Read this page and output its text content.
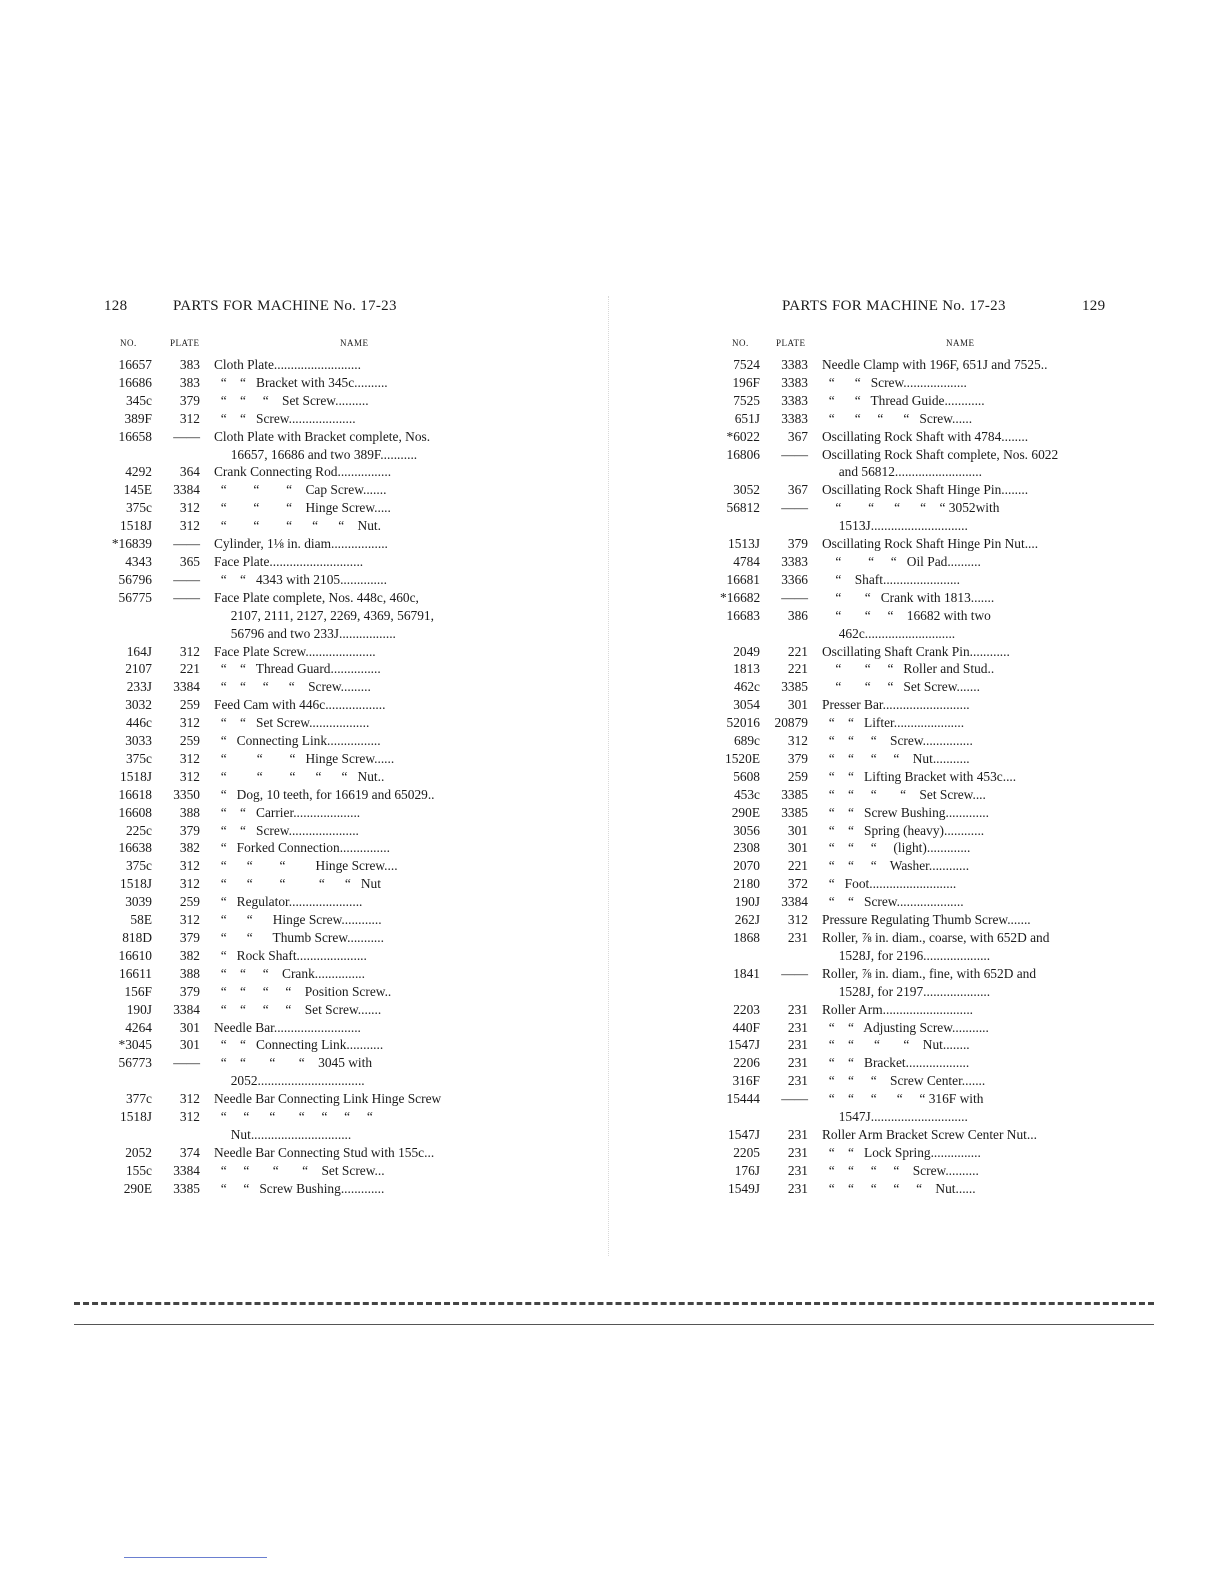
128	PARTS FOR MACHINE No. 17-23
NO.	PLATE	NAME
16657	383 Cloth Plate..........................
16686	383 “    “   Bracket with 345c..........
345c	379 “    “     “    Set Screw..........
389F	312 “    “   Screw....................
16658	—— Cloth Plate with Bracket complete, Nos.
16657, 16686 and two 389F...........
4292	364 Crank Connecting Rod................
145E	3384 “        “        “    Cap Screw.......
375c	312 “        “        “    Hinge Screw.....
1518J	312 “        “        “      “      “    Nut.
*16839	—— Cylinder, 1⅛ in. diam.................
4343	365 Face Plate............................
56796	—— “    “   4343 with 2105..............
56775	—— Face Plate complete, Nos. 448c, 460c,
2107, 2111, 2127, 2269, 4369, 56791,
56796 and two 233J.................
164J	312 Face Plate Screw.....................
2107	221 “    “   Thread Guard...............
233J	3384 “    “     “      “    Screw.........
3032	259 Feed Cam with 446c..................
446c	312 “    “   Set Screw..................
3033	259 “   Connecting Link................
375c	312 “         “        “   Hinge Screw......
1518J	312 “         “        “      “      “   Nut..
16618	3350 “   Dog, 10 teeth, for 16619 and 65029..
16608	388 “    “   Carrier....................
225c	379 “    “   Screw.....................
16638	382 “   Forked Connection...............
375c	312 “      “        “         Hinge Screw....
1518J	312 “      “        “          “      “   Nut
3039	259 “   Regulator......................
58E	312 “      “      Hinge Screw............
818D	379 “      “      Thumb Screw...........
16610	382 “   Rock Shaft.....................
16611	388 “    “     “    Crank...............
156F	379 “    “     “     “    Position Screw..
190J	3384 “    “     “     “    Set Screw.......
4264	301 Needle Bar..........................
*3045	301 “    “   Connecting Link...........
56773	—— “    “       “       “    3045 with
2052................................
377c	312 Needle Bar Connecting Link Hinge Screw
1518J	312 “     “      “       “     “     “     “
Nut..............................
2052	374 Needle Bar Connecting Stud with 155c...
155c	3384 “     “       “       “    Set Screw...
290E	3385 “     “   Screw Bushing.............
PARTS FOR MACHINE No. 17-23	129
NO.	PLATE	NAME
7524	3383 Needle Clamp with 196F, 651J and 7525..
196F	3383 “      “   Screw...................
7525	3383 “      “   Thread Guide............
651J	3383 “      “     “      “   Screw......
*6022	367 Oscillating Rock Shaft with 4784........
16806	—— Oscillating Rock Shaft complete, Nos. 6022
and 56812..........................
3052	367 Oscillating Rock Shaft Hinge Pin........
56812	—— “        “      “      “    “ 3052with
1513J.............................
1513J	379 Oscillating Rock Shaft Hinge Pin Nut....
4784	3383 “        “     “   Oil Pad..........
16681	3366 “    Shaft.......................
*16682	—— “       “   Crank with 1813.......
16683	386 “       “     “    16682 with two
462c...........................
2049	221 Oscillating Shaft Crank Pin............
1813	221 “       “     “   Roller and Stud..
462c	3385 “       “     “   Set Screw.......
3054	301 Presser Bar..........................
52016	20879 “    “   Lifter.....................
689c	312 “    “     “    Screw...............
1520E	379 “    “     “     “    Nut...........
5608	259 “    “   Lifting Bracket with 453c....
453c	3385 “    “     “       “    Set Screw....
290E	3385 “    “   Screw Bushing.............
3056	301 “    “   Spring (heavy)............
2308	301 “    “     “     (light).............
2070	221 “    “     “    Washer............
2180	372 “   Foot..........................
190J	3384 “    “   Screw....................
262J	312 Pressure Regulating Thumb Screw.......
1868	231 Roller, ⅞ in. diam., coarse, with 652D and
1528J, for 2196....................
1841	—— Roller, ⅞ in. diam., fine, with 652D and
1528J, for 2197....................
2203	231 Roller Arm...........................
440F	231 “    “   Adjusting Screw...........
1547J	231 “    “      “       “    Nut........
2206	231 “    “   Bracket...................
316F	231 “    “     “    Screw Center.......
15444	—— “    “     “      “     “ 316F with
1547J.............................
1547J	231 Roller Arm Bracket Screw Center Nut...
2205	231 “    “   Lock Spring...............
176J	231 “    “     “     “    Screw..........
1549J	231 “    “     “     “     “    Nut......
